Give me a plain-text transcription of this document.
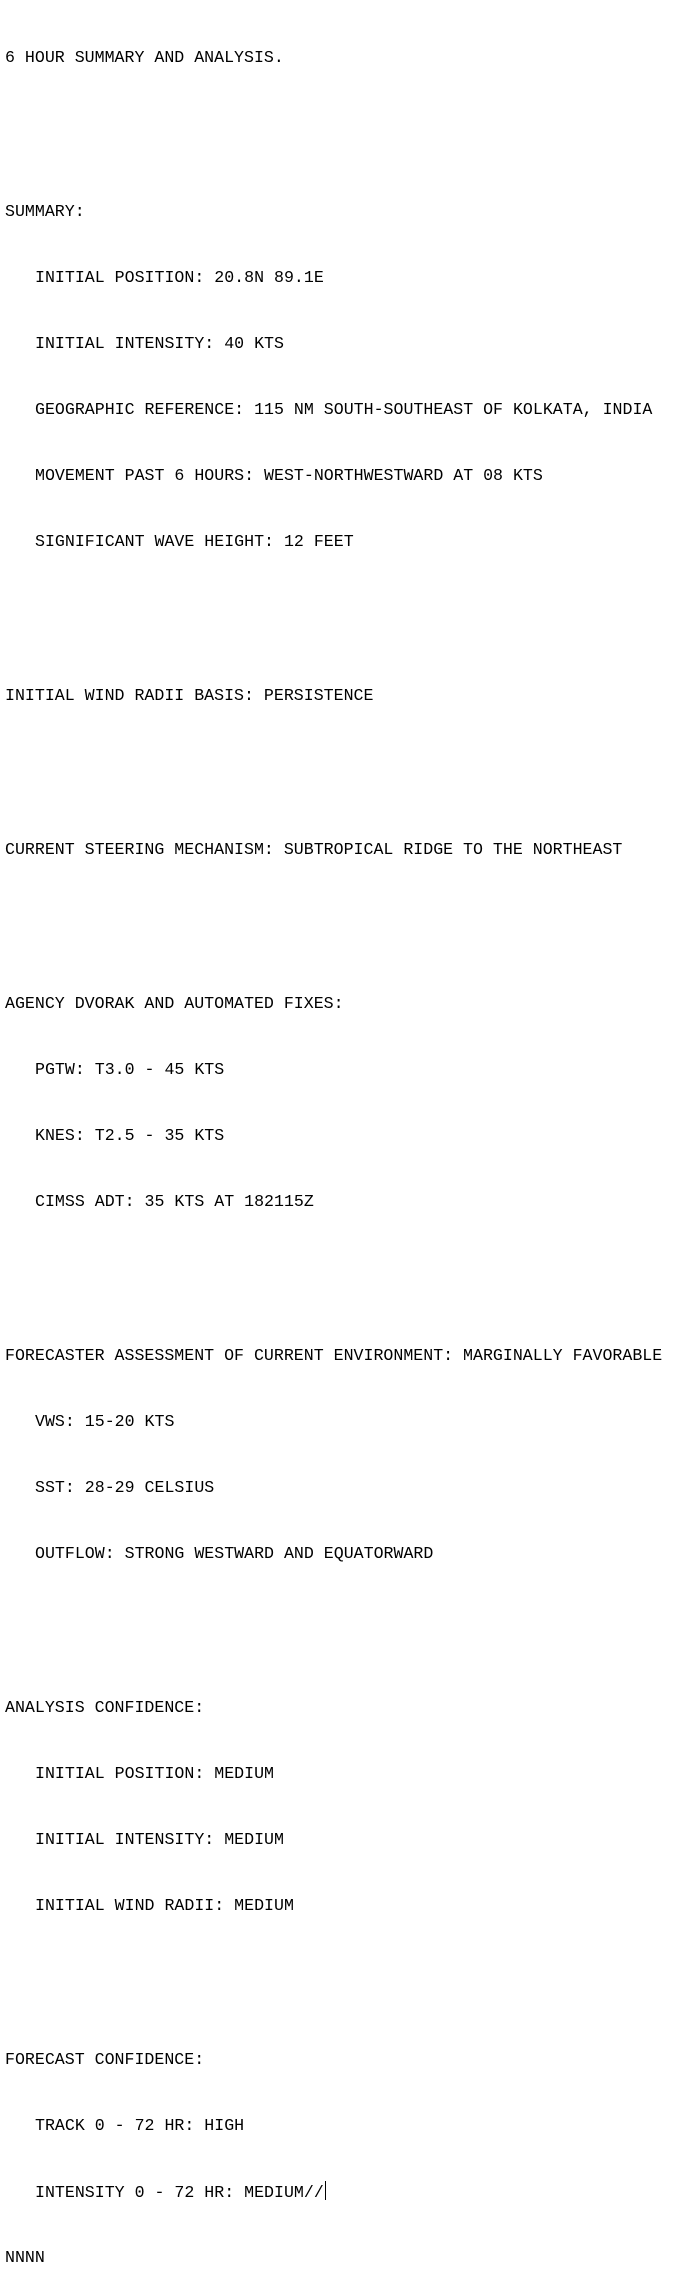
6 HOUR SUMMARY AND ANALYSIS.

SUMMARY:

INITIAL POSITION: 20.8N 89.1E

INITIAL INTENSITY: 40 KTS

GEOGRAPHIC REFERENCE: 115 NM SOUTH-SOUTHEAST OF KOLKATA, INDIA

MOVEMENT PAST 6 HOURS: WEST-NORTHWESTWARD AT 08 KTS

SIGNIFICANT WAVE HEIGHT: 12 FEET

INITIAL WIND RADII BASIS: PERSISTENCE

CURRENT STEERING MECHANISM: SUBTROPICAL RIDGE TO THE NORTHEAST

AGENCY DVORAK AND AUTOMATED FIXES:

PGTW: T3.0 - 45 KTS

KNES: T2.5 - 35 KTS

CIMSS ADT: 35 KTS AT 182115Z

FORECASTER ASSESSMENT OF CURRENT ENVIRONMENT: MARGINALLY FAVORABLE

VWS: 15-20 KTS

SST: 28-29 CELSIUS

OUTFLOW: STRONG WESTWARD AND EQUATORWARD

ANALYSIS CONFIDENCE:

INITIAL POSITION: MEDIUM

INITIAL INTENSITY: MEDIUM

INITIAL WIND RADII: MEDIUM

FORECAST CONFIDENCE:

TRACK 0 - 72 HR: HIGH

INTENSITY 0 - 72 HR: MEDIUM//

NNNN
